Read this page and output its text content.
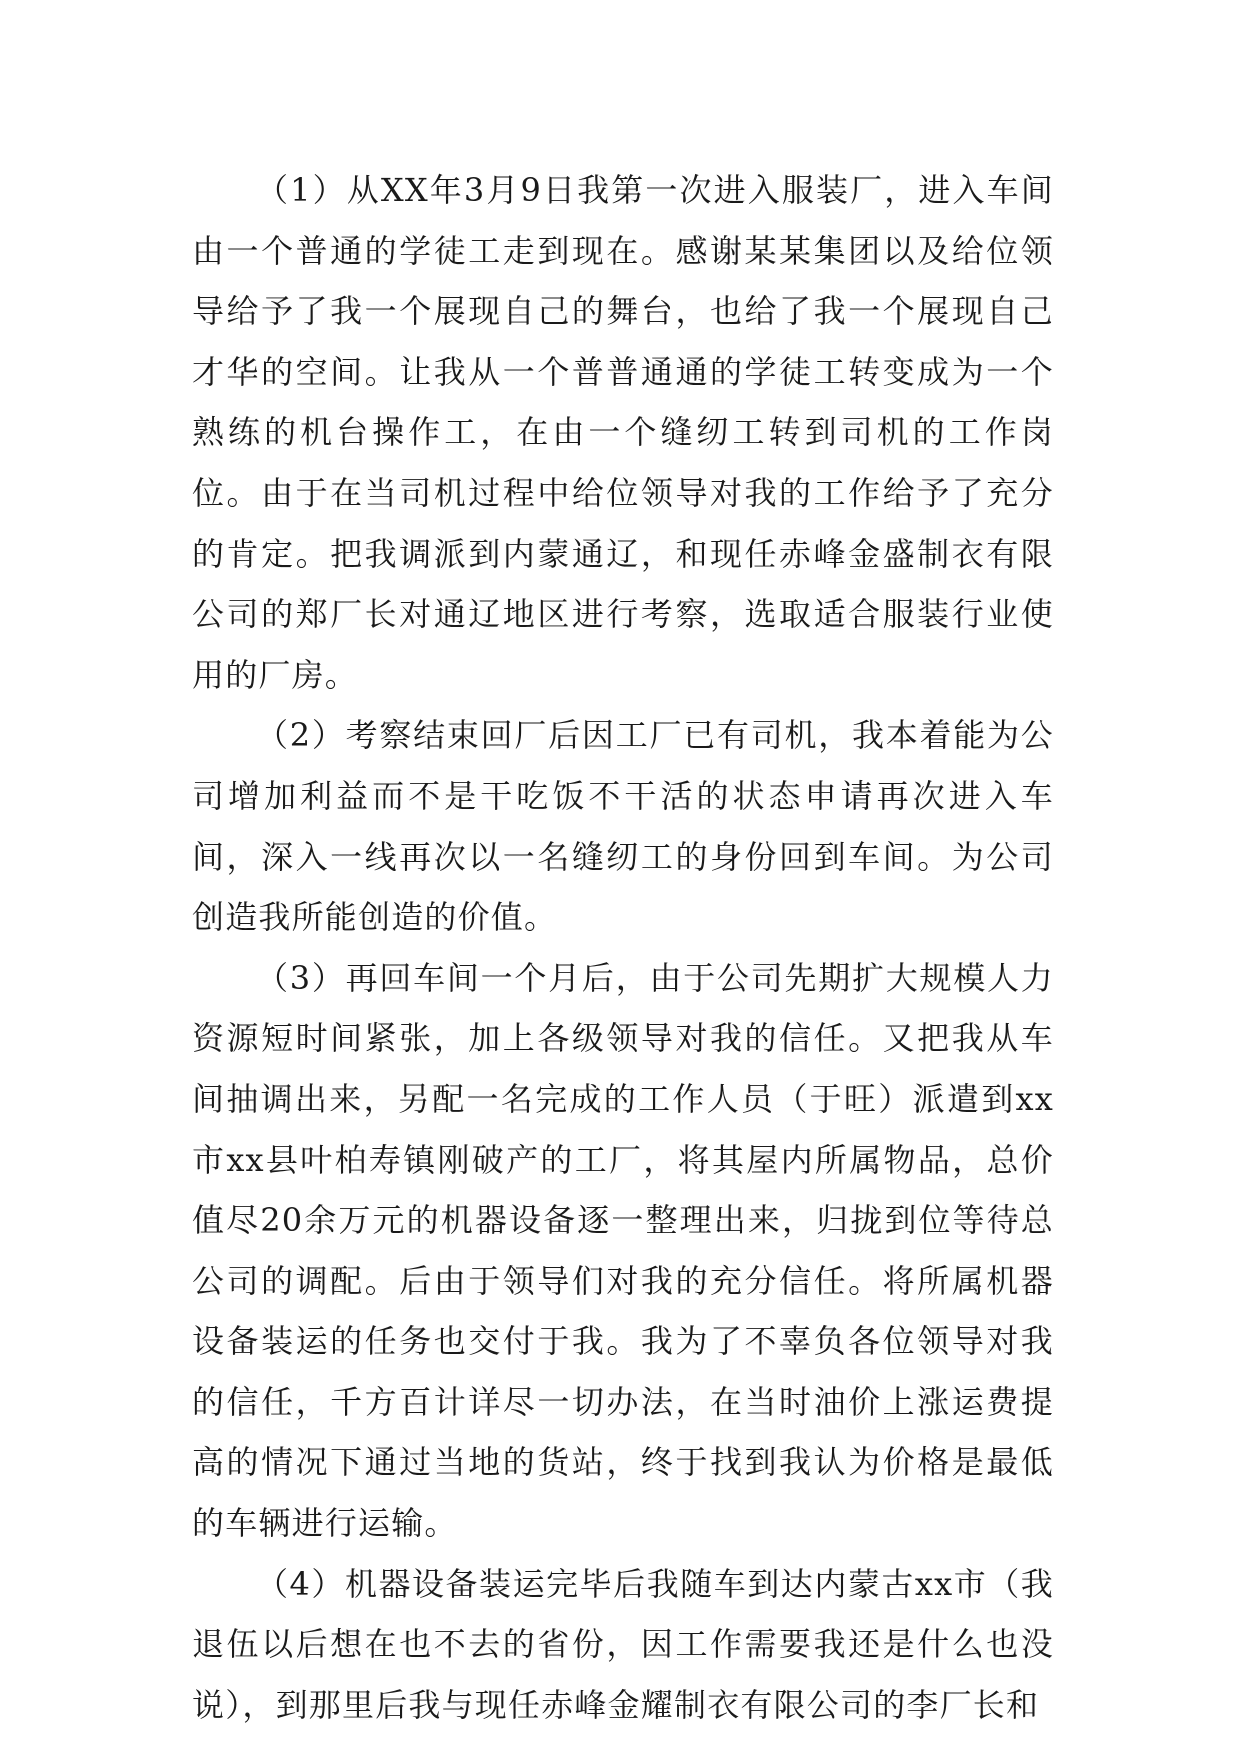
（1）从XX年3月9日我第一次进入服装厂，进入车间由一个普通的学徒工走到现在。感谢某某集团以及给位领导给予了我一个展现自己的舞台，也给了我一个展现自己才华的空间。让我从一个普普通通的学徒工转变成为一个熟练的机台操作工，在由一个缝纫工转到司机的工作岗位。由于在当司机过程中给位领导对我的工作给予了充分的肯定。把我调派到内蒙通辽，和现任赤峰金盛制衣有限公司的郑厂长对通辽地区进行考察，选取适合服装行业使用的厂房。

（2）考察结束回厂后因工厂已有司机，我本着能为公司增加利益而不是干吃饭不干活的状态申请再次进入车间，深入一线再次以一名缝纫工的身份回到车间。为公司创造我所能创造的价值。

（3）再回车间一个月后，由于公司先期扩大规模人力资源短时间紧张，加上各级领导对我的信任。又把我从车间抽调出来，另配一名完成的工作人员（于旺）派遣到xx市xx县叶柏寿镇刚破产的工厂，将其屋内所属物品，总价值尽20余万元的机器设备逐一整理出来，归拢到位等待总公司的调配。后由于领导们对我的充分信任。将所属机器设备装运的任务也交付于我。我为了不辜负各位领导对我的信任，千方百计详尽一切办法，在当时油价上涨运费提高的情况下通过当地的货站，终于找到我认为价格是最低的车辆进行运输。

（4）机器设备装运完毕后我随车到达内蒙古xx市（我退伍以后想在也不去的省份，因工作需要我还是什么也没说），到那里后我与现任赤峰金耀制衣有限公司的李厂长和
